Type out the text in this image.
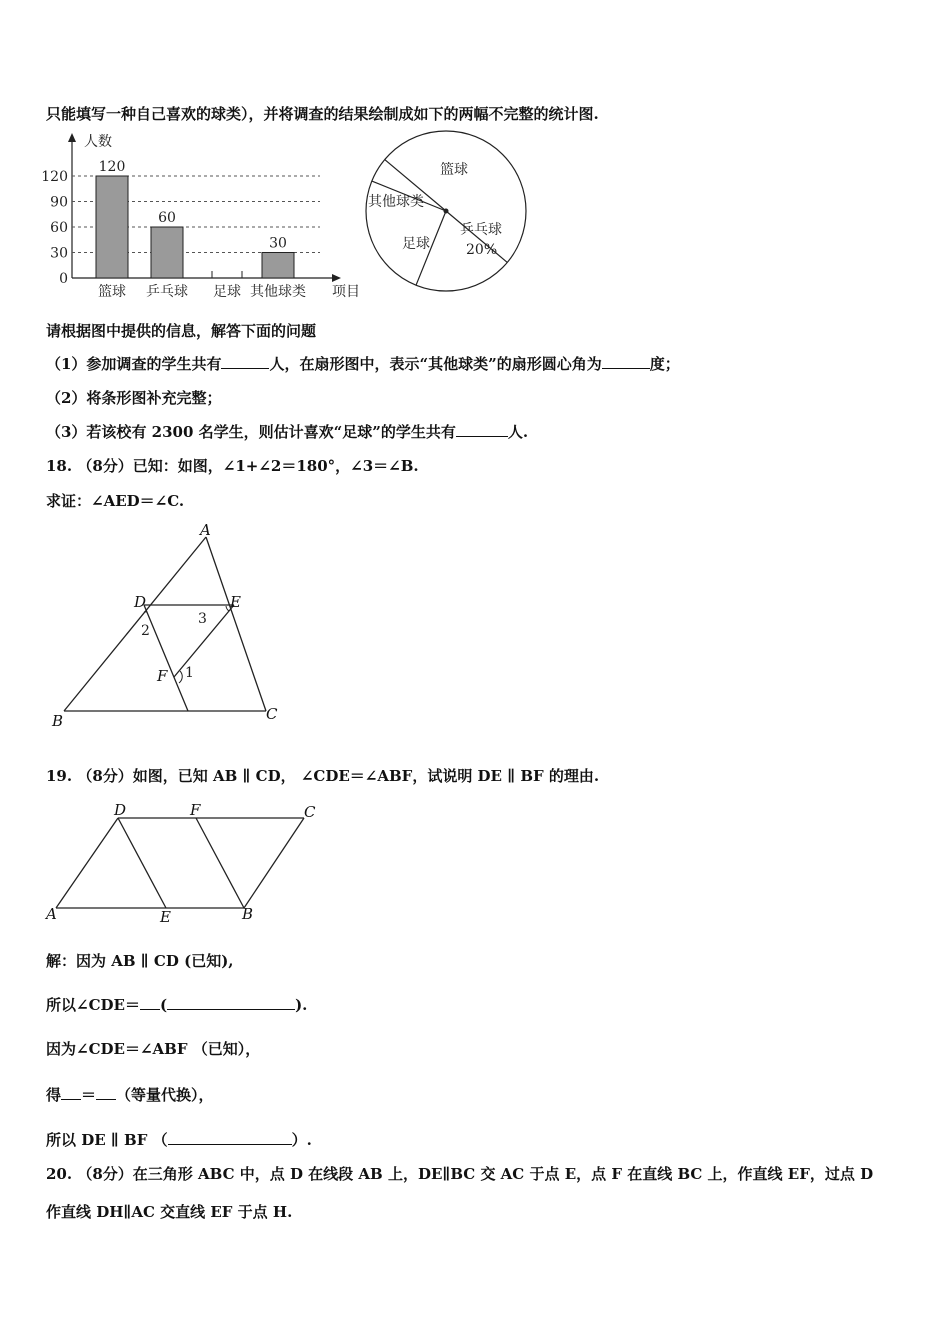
只能填写一种自己喜欢的球类），并将调查的结果绘制成如下的两幅不完整的统计图.
0
30
60
90
120
120
60
30
篮球 乒乓球 足球 其他球类
人数
项目
篮球
其他球类
足球
乒乓球
20%
请根据图中提供的信息，解答下面的问题
（1）参加调查的学生共有	人，在扇形图中，表示“其他球类”的扇形圆心角为	度；
（2）将条形图补充完整；
（3）若该校有 2300 名学生，则估计喜欢“足球”的学生共有	人.
18. （8分）已知：如图，∠1+∠2＝180°，∠3＝∠B.
求证：∠AED＝∠C.
A
D	E
F
B	C
1
2
3
19. （8分）如图，已知 AB ∥ CD， ∠CDE＝∠ABF，试说明 DE ∥ BF 的理由.
D	F	C
A	E	B
解：因为 AB ∥ CD (已知),
所以∠CDE＝ (	).
因为∠CDE＝∠ABF （已知），
得 ＝ （等量代换），
所以 DE ∥ BF （	）.
20. （8分）在三角形 ABC 中，点 D 在线段 AB 上，DE∥BC 交 AC 于点 E，点 F 在直线 BC 上，作直线 EF，过点 D
作直线 DH∥AC 交直线 EF 于点 H.
